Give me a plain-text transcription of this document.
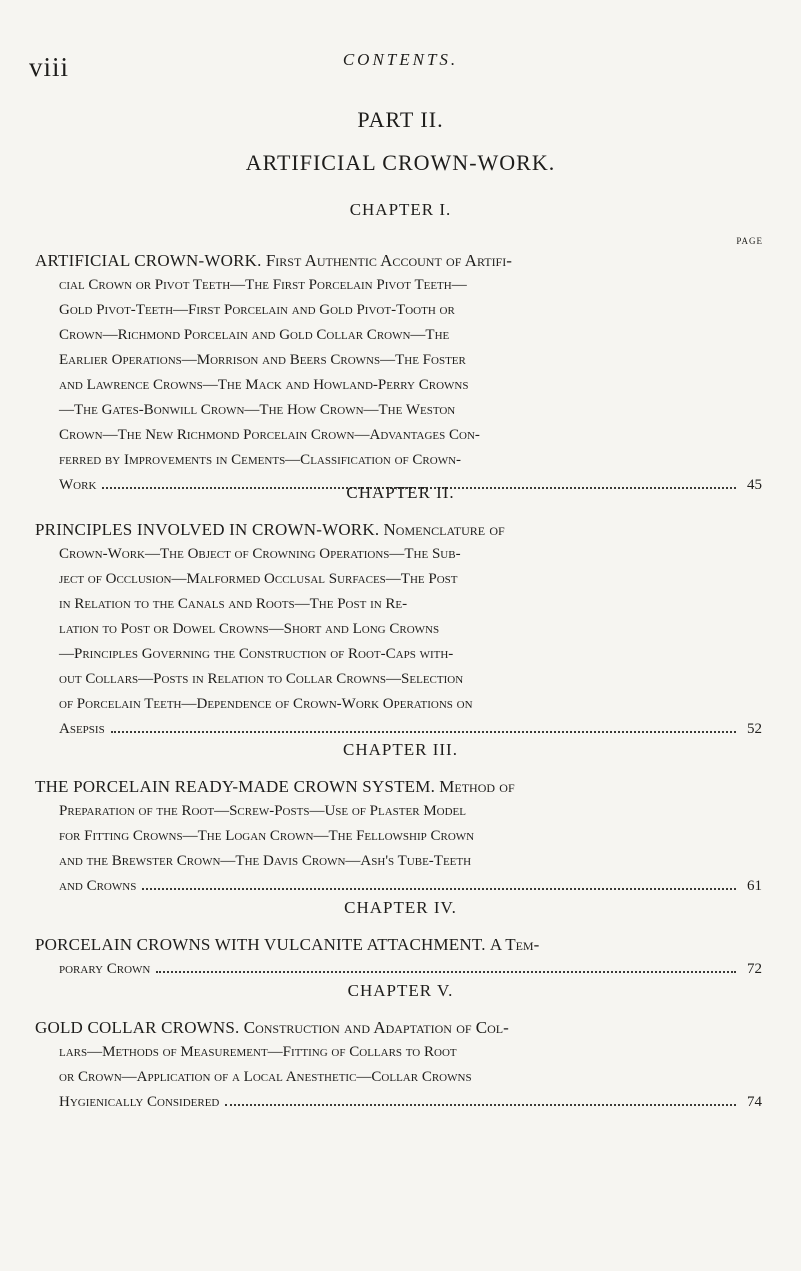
viii	CONTENTS.
PART II.
ARTIFICIAL CROWN-WORK.
CHAPTER I.
PAGE
ARTIFICIAL CROWN-WORK. First Authentic Account of Artifi-
cial Crown or Pivot Teeth—The First Porcelain Pivot Teeth—
Gold Pivot-Teeth—First Porcelain and Gold Pivot-Tooth or
Crown—Richmond Porcelain and Gold Collar Crown—The
Earlier Operations—Morrison and Beers Crowns—The Foster
and Lawrence Crowns—The Mack and Howland-Perry Crowns
—The Gates-Bonwill Crown—The How Crown—The Weston
Crown—The New Richmond Porcelain Crown—Advantages Con-
ferred by Improvements in Cements—Classification of Crown-
Work	45
CHAPTER II.
PRINCIPLES INVOLVED IN CROWN-WORK. Nomenclature of
Crown-Work—The Object of Crowning Operations—The Sub-
ject of Occlusion—Malformed Occlusal Surfaces—The Post
in Relation to the Canals and Roots—The Post in Re-
lation to Post or Dowel Crowns—Short and Long Crowns
—Principles Governing the Construction of Root-Caps with-
out Collars—Posts in Relation to Collar Crowns—Selection
of Porcelain Teeth—Dependence of Crown-Work Operations on
Asepsis	52
CHAPTER III.
THE PORCELAIN READY-MADE CROWN SYSTEM. Method of
Preparation of the Root—Screw-Posts—Use of Plaster Model
for Fitting Crowns—The Logan Crown—The Fellowship Crown
and the Brewster Crown—The Davis Crown—Ash's Tube-Teeth
and Crowns	61
CHAPTER IV.
PORCELAIN CROWNS WITH VULCANITE ATTACHMENT. A Tem-
porary Crown	72
CHAPTER V.
GOLD COLLAR CROWNS. Construction and Adaptation of Col-
lars—Methods of Measurement—Fitting of Collars to Root
or Crown—Application of a Local Anesthetic—Collar Crowns
Hygienically Considered	74
